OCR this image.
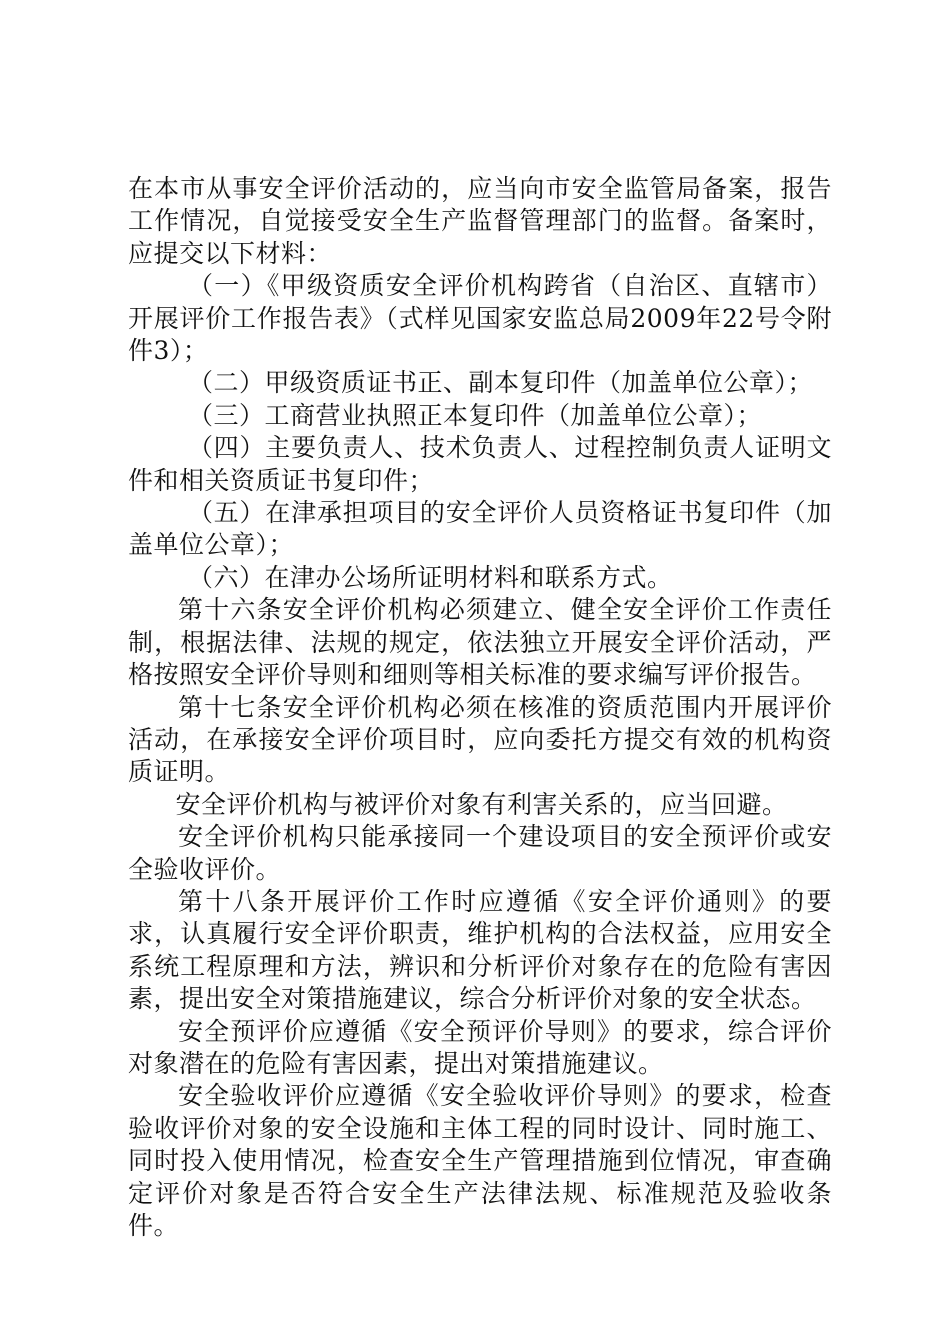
在本市从事安全评价活动的，应当向市安全监管局备案，报告工作情况，自觉接受安全生产监督管理部门的监督。备案时，应提交以下材料：

（一）《甲级资质安全评价机构跨省（自治区、直辖市）开展评价工作报告表》（式样见国家安监总局2009年22号令附件3）；

（二）甲级资质证书正、副本复印件（加盖单位公章）；

（三）工商营业执照正本复印件（加盖单位公章）；

（四）主要负责人、技术负责人、过程控制负责人证明文件和相关资质证书复印件；

（五）在津承担项目的安全评价人员资格证书复印件（加盖单位公章）；

（六）在津办公场所证明材料和联系方式。

第十六条安全评价机构必须建立、健全安全评价工作责任制，根据法律、法规的规定，依法独立开展安全评价活动，严格按照安全评价导则和细则等相关标准的要求编写评价报告。

第十七条安全评价机构必须在核准的资质范围内开展评价活动，在承接安全评价项目时，应向委托方提交有效的机构资质证明。

安全评价机构与被评价对象有利害关系的，应当回避。

安全评价机构只能承接同一个建设项目的安全预评价或安全验收评价。

第十八条开展评价工作时应遵循《安全评价通则》的要求，认真履行安全评价职责，维护机构的合法权益，应用安全系统工程原理和方法，辨识和分析评价对象存在的危险有害因素，提出安全对策措施建议，综合分析评价对象的安全状态。

安全预评价应遵循《安全预评价导则》的要求，综合评价对象潜在的危险有害因素，提出对策措施建议。

安全验收评价应遵循《安全验收评价导则》的要求，检查验收评价对象的安全设施和主体工程的同时设计、同时施工、同时投入使用情况，检查安全生产管理措施到位情况，审查确定评价对象是否符合安全生产法律法规、标准规范及验收条件。
